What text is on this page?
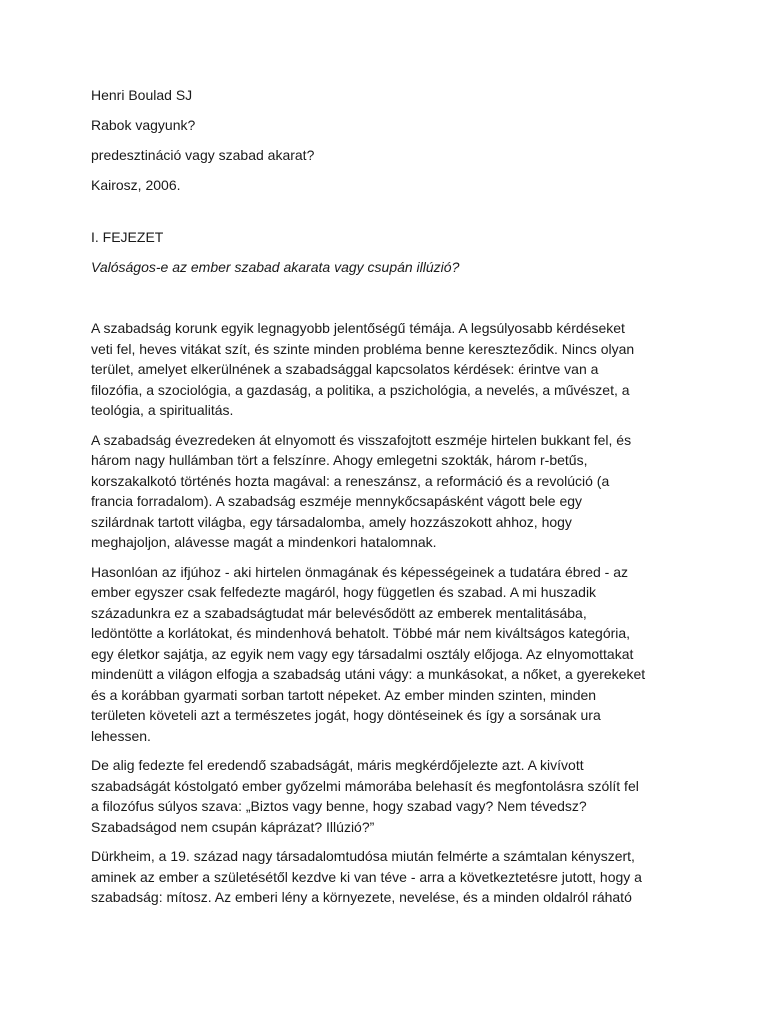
Henri Boulad SJ

Rabok vagyunk?

predesztináció vagy szabad akarat?

Kairosz, 2006.

I. FEJEZET

Valóságos-e az ember szabad akarata vagy csupán illúzió?

A szabadság korunk egyik legnagyobb jelentőségű témája. A legsúlyosabb kérdéseket
veti fel, heves vitákat szít, és szinte minden probléma benne kereszteződik. Nincs olyan
terület, amelyet elkerülnének a szabadsággal kapcsolatos kérdések: érintve van a
filozófia, a szociológia, a gazdaság, a politika, a pszichológia, a nevelés, a művészet, a
teológia, a spiritualitás.

A szabadság évezredeken át elnyomott és visszafojtott eszméje hirtelen bukkant fel, és
három nagy hullámban tört a felszínre. Ahogy emlegetni szokták, három r-betűs,
korszakalkotó történés hozta magával: a reneszánsz, a reformáció és a revolúció (a
francia forradalom). A szabadság eszméje mennykőcsapásként vágott bele egy
szilárdnak tartott világba, egy társadalomba, amely hozzászokott ahhoz, hogy
meghajoljon, alávesse magát a mindenkori hatalomnak.

Hasonlóan az ifjúhoz - aki hirtelen önmagának és képességeinek a tudatára ébred - az
ember egyszer csak felfedezte magáról, hogy független és szabad. A mi huszadik
századunkra ez a szabadságtudat már belevésődött az emberek mentalitásába,
ledöntötte a korlátokat, és mindenhová behatolt. Többé már nem kiváltságos kategória,
egy életkor sajátja, az egyik nem vagy egy társadalmi osztály előjoga. Az elnyomottakat
mindenütt a világon elfogja a szabadság utáni vágy: a munkásokat, a nőket, a gyerekeket
és a korábban gyarmati sorban tartott népeket. Az ember minden szinten, minden
területen követeli azt a természetes jogát, hogy döntéseinek és így a sorsának ura
lehessen.

De alig fedezte fel eredendő szabadságát, máris megkérdőjelezte azt. A kivívott
szabadságát kóstolgató ember győzelmi mámorába belehasít és megfontolásra szólít fel
a filozófus súlyos szava: „Biztos vagy benne, hogy szabad vagy? Nem tévedsz?
Szabadságod nem csupán káprázat? Illúzió?”

Dürkheim, a 19. század nagy társadalomtudósa miután felmérte a számtalan kényszert,
aminek az ember a születésétől kezdve ki van téve - arra a következtetésre jutott, hogy a
szabadság: mítosz. Az emberi lény a környezete, nevelése, és a minden oldalról ráható
